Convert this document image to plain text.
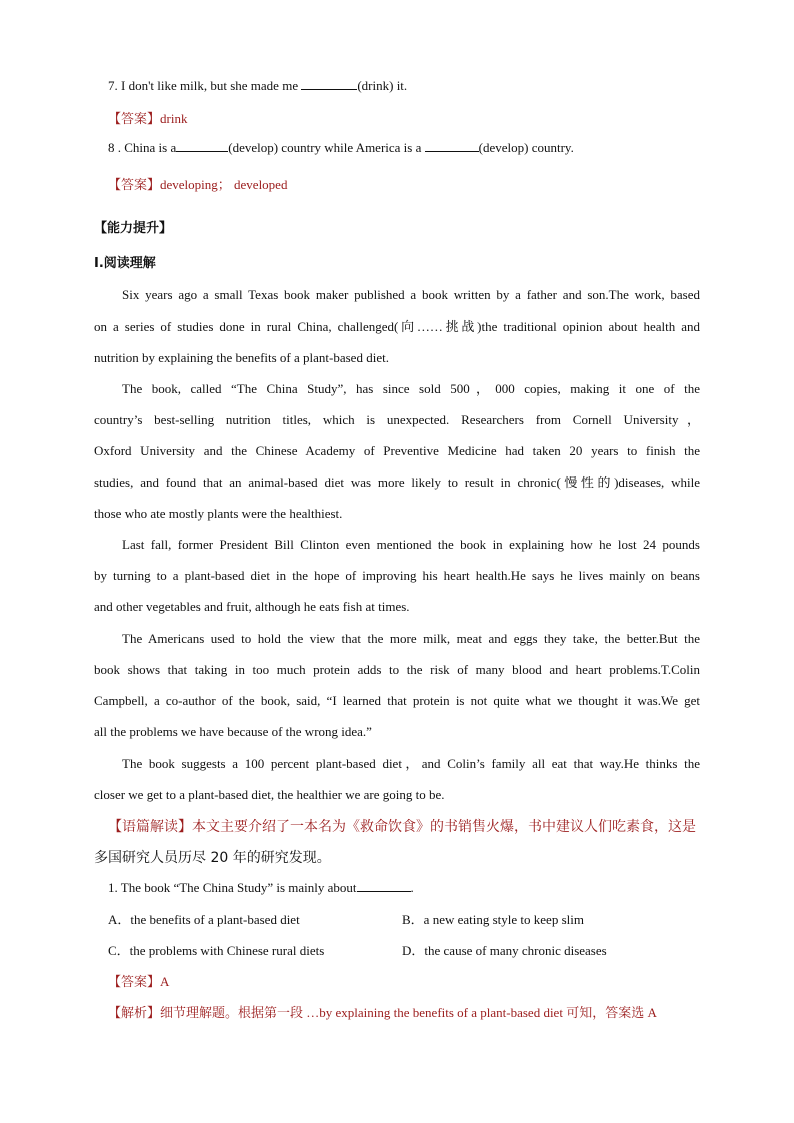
7. I don't like milk, but she made me	(drink) it.
【答案】drink
8 . China is a	(develop) country while America is a	(develop) country.
【答案】developing； developed
【能力提升】
Ⅰ.阅读理解
Six years ago a small Texas book maker published a book written by a father and son.The work, based
on a series of studies done in rural China, challenged(向……挑战)the traditional opinion about health and
nutrition by explaining the benefits of a plant-based diet.
The book, called “The China Study”, has since sold 500，000 copies, making it one of the
country’s best-selling nutrition titles, which is unexpected. Researchers from Cornell University，
Oxford University and the Chinese Academy of Preventive Medicine had taken 20 years to finish the
studies, and found that an animal-based diet was more likely to result in chronic(慢性的)diseases, while
those who ate mostly plants were the healthiest.
Last fall, former President Bill Clinton even mentioned the book in explaining how he lost 24 pounds
by turning to a plant-based diet in the hope of improving his heart health.He says he lives mainly on beans
and other vegetables and fruit, although he eats fish at times.
The Americans used to hold the view that the more milk, meat and eggs they take, the better.But the
book shows that taking in too much protein adds to the risk of many blood and heart problems.T.Colin
Campbell, a co-author of the book, said, “I learned that protein is not quite what we thought it was.We get
all the problems we have because of the wrong idea.”
The book suggests a 100 percent plant-based diet，and Colin’s family all eat that way.He thinks the
closer we get to a plant-based diet, the healthier we are going to be.
【语篇解读】本文主要介绍了一本名为《救命饮食》的书销售火爆，书中建议人们吃素食，这是
多国研究人员历尽 20 年的研究发现。
1. The book “The China Study” is mainly about	.
A．the benefits of a plant-based diet	B．a new eating style to keep slim
C．the problems with Chinese rural diets	D．the cause of many chronic diseases
【答案】A
【解析】细节理解题。根据第一段 …by explaining the benefits of a plant-based diet 可知，答案选 A
